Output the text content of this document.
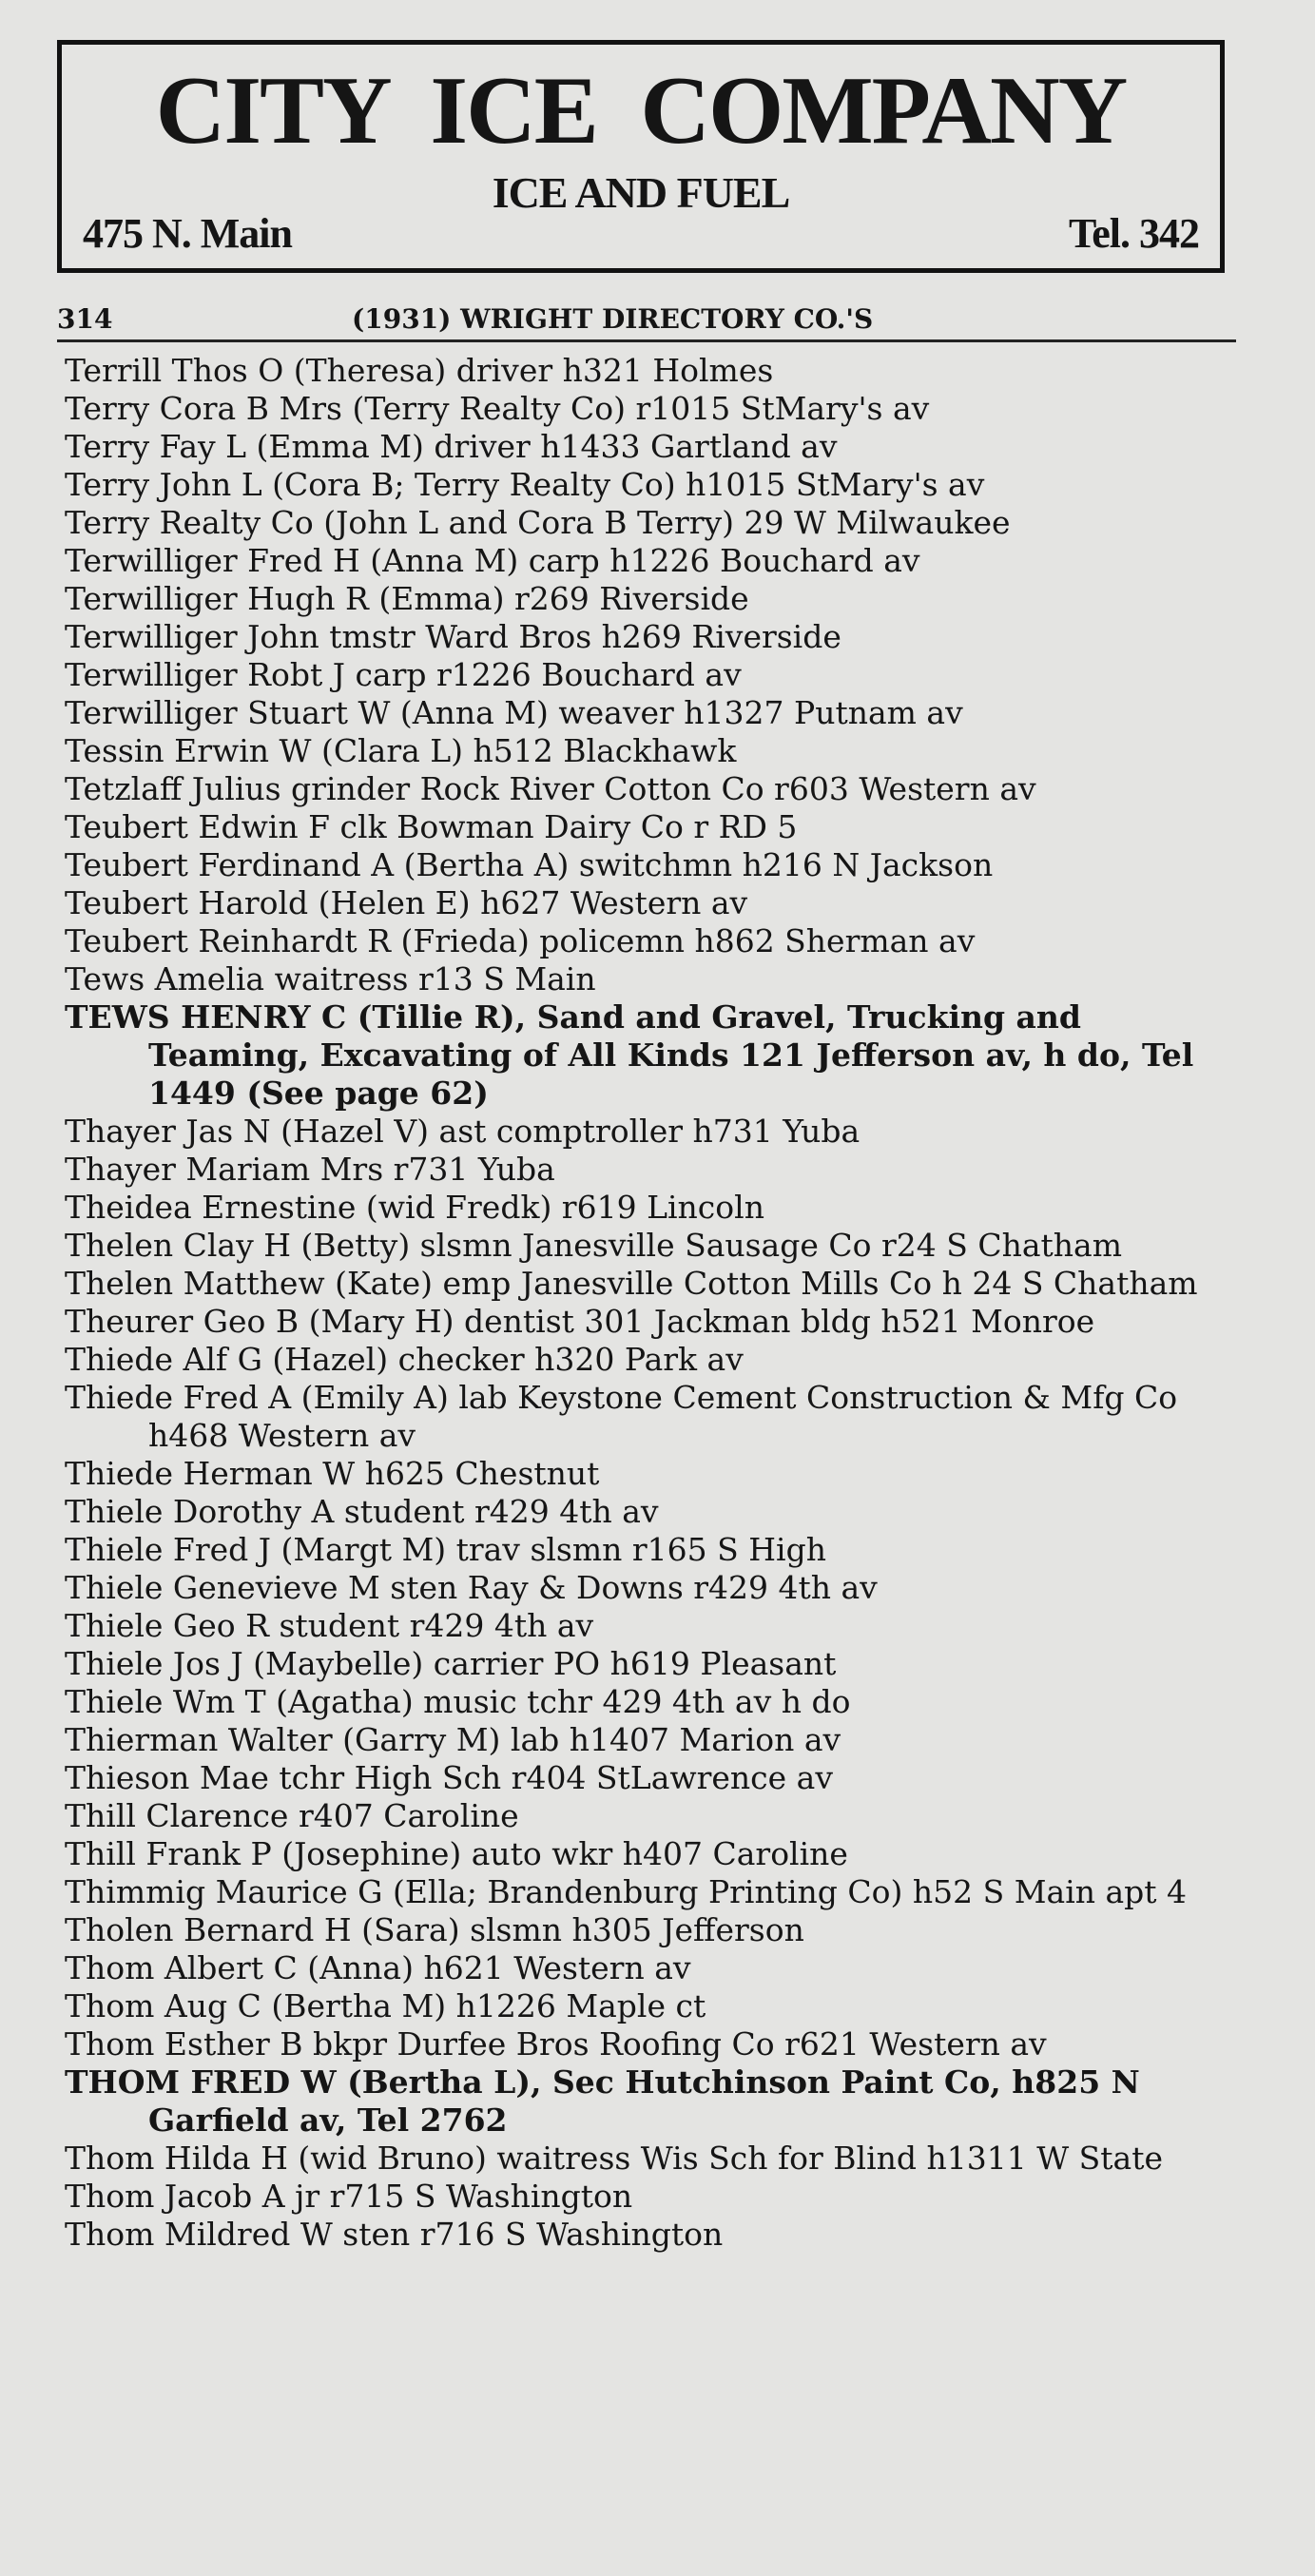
CITY ICE COMPANY
ICE AND FUEL
475 N. Main	Tel. 342
314	(1931) WRIGHT DIRECTORY CO.'S
Terrill Thos O (Theresa) driver h321 Holmes
Terry Cora B Mrs (Terry Realty Co) r1015 StMary's av
Terry Fay L (Emma M) driver h1433 Gartland av
Terry John L (Cora B; Terry Realty Co) h1015 StMary's av
Terry Realty Co (John L and Cora B Terry) 29 W Milwaukee
Terwilliger Fred H (Anna M) carp h1226 Bouchard av
Terwilliger Hugh R (Emma) r269 Riverside
Terwilliger John tmstr Ward Bros h269 Riverside
Terwilliger Robt J carp r1226 Bouchard av
Terwilliger Stuart W (Anna M) weaver h1327 Putnam av
Tessin Erwin W (Clara L) h512 Blackhawk
Tetzlaff Julius grinder Rock River Cotton Co r603 Western av
Teubert Edwin F clk Bowman Dairy Co r RD 5
Teubert Ferdinand A (Bertha A) switchmn h216 N Jackson
Teubert Harold (Helen E) h627 Western av
Teubert Reinhardt R (Frieda) policemn h862 Sherman av
Tews Amelia waitress r13 S Main
TEWS HENRY C (Tillie R), Sand and Gravel, Trucking and Teaming, Excavating of All Kinds 121 Jefferson av, h do, Tel 1449 (See page 62)
Thayer Jas N (Hazel V) ast comptroller h731 Yuba
Thayer Mariam Mrs r731 Yuba
Theidea Ernestine (wid Fredk) r619 Lincoln
Thelen Clay H (Betty) slsmn Janesville Sausage Co r24 S Chatham
Thelen Matthew (Kate) emp Janesville Cotton Mills Co h 24 S Chatham
Theurer Geo B (Mary H) dentist 301 Jackman bldg h521 Monroe
Thiede Alf G (Hazel) checker h320 Park av
Thiede Fred A (Emily A) lab Keystone Cement Construction & Mfg Co h468 Western av
Thiede Herman W h625 Chestnut
Thiele Dorothy A student r429 4th av
Thiele Fred J (Margt M) trav slsmn r165 S High
Thiele Genevieve M sten Ray & Downs r429 4th av
Thiele Geo R student r429 4th av
Thiele Jos J (Maybelle) carrier PO h619 Pleasant
Thiele Wm T (Agatha) music tchr 429 4th av h do
Thierman Walter (Garry M) lab h1407 Marion av
Thieson Mae tchr High Sch r404 StLawrence av
Thill Clarence r407 Caroline
Thill Frank P (Josephine) auto wkr h407 Caroline
Thimmig Maurice G (Ella; Brandenburg Printing Co) h52 S Main apt 4
Tholen Bernard H (Sara) slsmn h305 Jefferson
Thom Albert C (Anna) h621 Western av
Thom Aug C (Bertha M) h1226 Maple ct
Thom Esther B bkpr Durfee Bros Roofing Co r621 Western av
THOM FRED W (Bertha L), Sec Hutchinson Paint Co, h825 N Garfield av, Tel 2762
Thom Hilda H (wid Bruno) waitress Wis Sch for Blind h1311 W State
Thom Jacob A jr r715 S Washington
Thom Mildred W sten r716 S Washington
